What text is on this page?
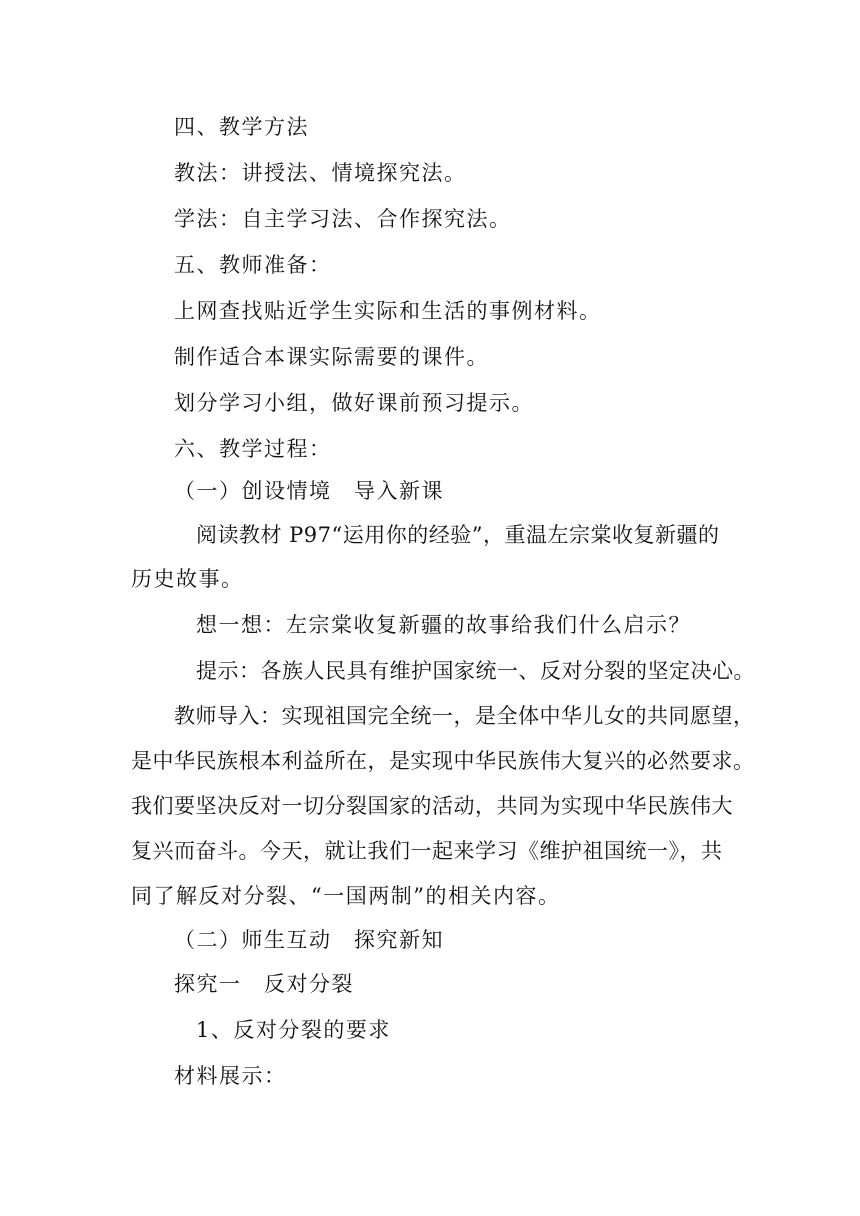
四、教学方法

教法：讲授法、情境探究法。

学法：自主学习法、合作探究法。

五、教师准备：

上网查找贴近学生实际和生活的事例材料。

制作适合本课实际需要的课件。

划分学习小组，做好课前预习提示。

六、教学过程：

（一）创设情境　导入新课

阅读教材 P97“运用你的经验”，重温左宗棠收复新疆的

历史故事。

想一想：左宗棠收复新疆的故事给我们什么启示？

提示：各族人民具有维护国家统一、反对分裂的坚定决心。

教师导入：实现祖国完全统一，是全体中华儿女的共同愿望，

是中华民族根本利益所在，是实现中华民族伟大复兴的必然要求。

我们要坚决反对一切分裂国家的活动，共同为实现中华民族伟大

复兴而奋斗。今天，就让我们一起来学习《维护祖国统一》，共

同了解反对分裂、“一国两制”的相关内容。

（二）师生互动　探究新知

探究一　反对分裂

1、反对分裂的要求

材料展示：
